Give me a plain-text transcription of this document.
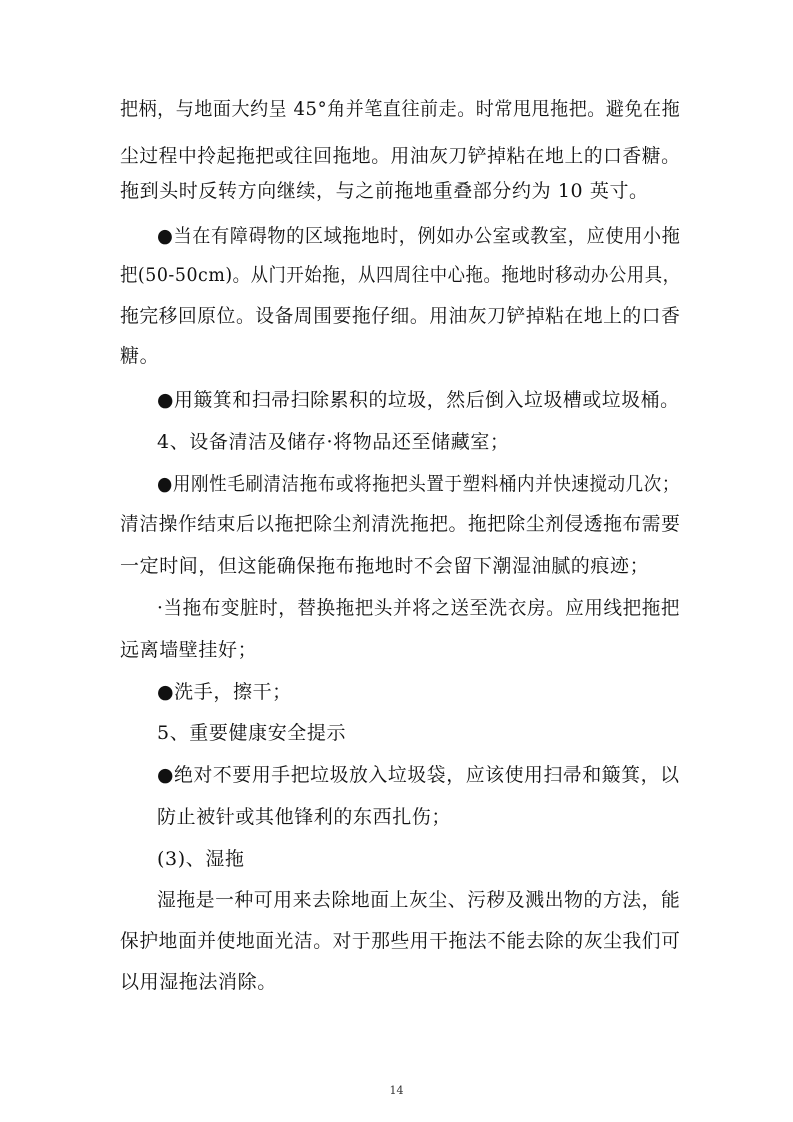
把柄，与地面大约呈 45°角并笔直往前走。时常甩甩拖把。避免在拖
尘过程中拎起拖把或往回拖地。用油灰刀铲掉粘在地上的口香糖。
拖到头时反转方向继续，与之前拖地重叠部分约为 10 英寸。
●当在有障碍物的区域拖地时，例如办公室或教室，应使用小拖
把(50-50cm)。从门开始拖，从四周往中心拖。拖地时移动办公用具，
拖完移回原位。设备周围要拖仔细。用油灰刀铲掉粘在地上的口香
糖。
●用簸箕和扫帚扫除累积的垃圾，然后倒入垃圾槽或垃圾桶。
4、设备清洁及储存·将物品还至储藏室；
●用刚性毛刷清洁拖布或将拖把头置于塑料桶内并快速搅动几次；
清洁操作结束后以拖把除尘剂清洗拖把。拖把除尘剂侵透拖布需要
一定时间，但这能确保拖布拖地时不会留下潮湿油腻的痕迹；
·当拖布变脏时，替换拖把头并将之送至洗衣房。应用线把拖把
远离墙壁挂好；
●洗手，擦干；
5、重要健康安全提示
●绝对不要用手把垃圾放入垃圾袋，应该使用扫帚和簸箕，以
防止被针或其他锋利的东西扎伤；
(3)、湿拖
湿拖是一种可用来去除地面上灰尘、污秽及溅出物的方法，能
保护地面并使地面光洁。对于那些用干拖法不能去除的灰尘我们可
以用湿拖法消除。
14
